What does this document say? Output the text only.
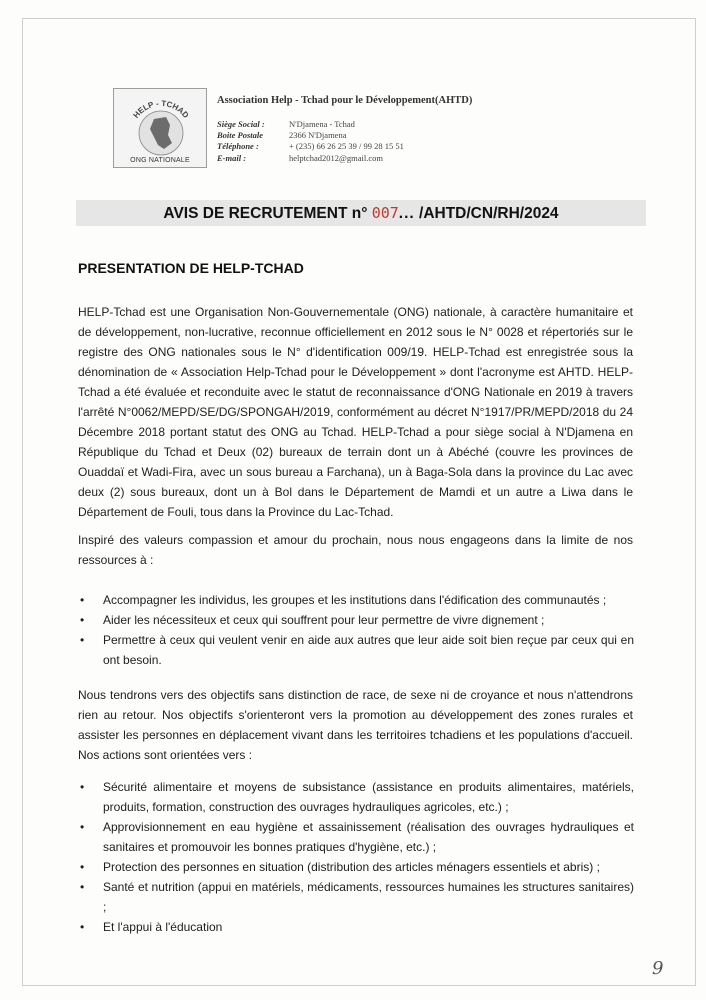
HELP - TCHAD
ONG NATIONALE
Association Help - Tchad pour le Développement(AHTD)
Siège Social :	N'Djamena - Tchad
Boite Postale	2366 N'Djamena
Téléphone :	+ (235) 66 26 25 39 / 99 28 15 51
E-mail :	helptchad2012@gmail.com
AVIS DE RECRUTEMENT n° 007... /AHTD/CN/RH/2024
PRESENTATION DE HELP-TCHAD

HELP-Tchad est une Organisation Non-Gouvernementale (ONG) nationale, à caractère humanitaire et de développement, non-lucrative, reconnue officiellement en 2012 sous le N° 0028 et répertoriés sur le registre des ONG nationales sous le N° d'identification 009/19. HELP-Tchad est enregistrée sous la dénomination de « Association Help-Tchad pour le Développement » dont l'acronyme est AHTD. HELP-Tchad a été évaluée et reconduite avec le statut de reconnaissance d'ONG Nationale en 2019 à travers l'arrêté N°0062/MEPD/SE/DG/SPONGAH/2019, conformément au décret N°1917/PR/MEPD/2018 du 24 Décembre 2018 portant statut des ONG au Tchad. HELP-Tchad a pour siège social à N'Djamena en République du Tchad et Deux (02) bureaux de terrain dont un à Abéché (couvre les provinces de Ouaddaï et Wadi-Fira, avec un sous bureau a Farchana), un à Baga-Sola dans la province du Lac avec deux (2) sous bureaux, dont un à Bol dans le Département de Mamdi et un autre a Liwa dans le Département de Fouli, tous dans la Province du Lac-Tchad.

Inspiré des valeurs compassion et amour du prochain, nous nous engageons dans la limite de nos ressources à :

• Accompagner les individus, les groupes et les institutions dans l'édification des communautés ;
• Aider les nécessiteux et ceux qui souffrent pour leur permettre de vivre dignement ;
• Permettre à ceux qui veulent venir en aide aux autres que leur aide soit bien reçue par ceux qui en ont besoin.

Nous tendrons vers des objectifs sans distinction de race, de sexe ni de croyance et nous n'attendrons rien au retour. Nos objectifs s'orienteront vers la promotion au développement des zones rurales et assister les personnes en déplacement vivant dans les territoires tchadiens et les populations d'accueil. Nos actions sont orientées vers :

• Sécurité alimentaire et moyens de subsistance (assistance en produits alimentaires, matériels, produits, formation, construction des ouvrages hydrauliques agricoles, etc.) ;
• Approvisionnement en eau hygiène et assainissement (réalisation des ouvrages hydrauliques et sanitaires et promouvoir les bonnes pratiques d'hygiène, etc.) ;
• Protection des personnes en situation (distribution des articles ménagers essentiels et abris) ;
• Santé et nutrition (appui en matériels, médicaments, ressources humaines les structures sanitaires) ;
• Et l'appui à l'éducation
9
